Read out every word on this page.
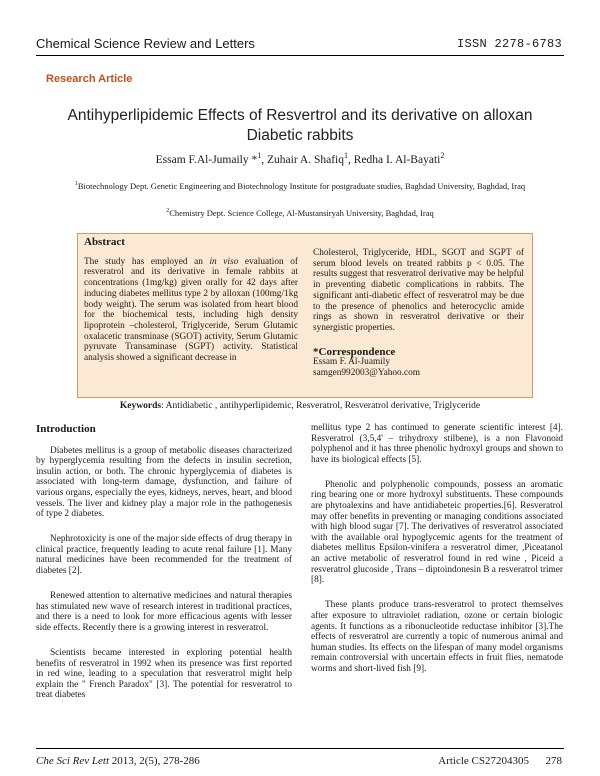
Chemical Science Review and Letters	ISSN 2278-6783
Research Article
Antihyperlipidemic Effects of Resvertrol and its derivative on alloxan Diabetic rabbits
Essam F.Al-Jumaily *$^1$, Zuhair A. Shafiq$^1$, Redha I. Al-Bayati$^2$
$^1$Biotechnology Dept. Genetic Engineering and Biotechnology Institute for postgraduate studies, Baghdad University, Baghdad, Iraq
$^2$Chemistry Dept. Science College, Al-Mustansiryah University, Baghdad, Iraq
Abstract
The study has employed an in viso evaluation of resveratrol and its derivative in female rabbits at concentrations (1mg/kg) given orally for 42 days after inducing diabetes mellitus type 2 by alloxan (100mg/1kg body weight). The serum was isolated from heart blood for the biochemical tests, including high density lipoprotein –cholesterol, Triglyceride, Serum Glutamic oxalacetic transminase (SGOT) activity, Serum Glutamic pyruvate Transaminase (SGPT) activity. Statistical analysis showed a significant decrease in
Cholesterol, Triglyceride, HDL, SGOT and SGPT of serum blood levels on treated rabbits p < 0.05. The results suggest that resveratrol derivative may be helpful in preventing diabetic complications in rabbits. The significant anti-diabetic effect of resveratrol may be due to the presence of phenolics and heterocyclic amide rings as shown in resveratrol derivative or their synergistic properties.
*Correspondence
Essam F. Al-Juamily
samgen992003@Yahoo.com
Keywords: Antidiabetic , antihyperlipidemic, Resveratrol, Resveratrol derivative, Triglyceride
Introduction

Diabetes mellitus is a group of metabolic diseases characterized by hyperglycemia resulting from the defects in insulin secretion, insulin action, or both. The chronic hyperglycemia of diabetes is associated with long-term damage, dysfunction, and failure of various organs, especially the eyes, kidneys, nerves, heart, and blood vessels. The liver and kidney play a major role in the pathogenesis of type 2 diabetes.

Nephrotoxicity is one of the major side effects of drug therapy in clinical practice, frequently leading to acute renal failure [1]. Many natural medicines have been recommended for the treatment of diabetes [2].

Renewed attention to alternative medicines and natural therapies has stimulated new wave of research interest in traditional practices, and there is a need to look for more efficacious agents with lesser side effects. Recently there is a growing interest in resveratrol.

Scientists became interested in exploring potential health benefits of resveratrol in 1992 when its presence was first reported in red wine, leading to a speculation that resveratrol might help explain the " French Paradox" [3]. The potential for resveratrol to treat diabetes

mellitus type 2 has continued to generate scientific interest [4]. Resveratrol (3,5,4' – trihydroxy stilbene), is a non Flavonoid polyphenol and it has three phenolic hydroxyl groups and shown to have its biological effects [5].

Phenolic and polyphenolic compounds, possess an aromatic ring bearing one or more hydroxyl substituents. These compounds are phytoalexins and have antidiabeteic properties.[6]. Resveratrol may offer benefits in preventing or managing conditions associated with high blood sugar [7]. The derivatives of resveratrol associated with the available oral hypoglycemic agents for the treatment of diabetes mellitus Epsilon-vinifera a resveratrol dimer, ,Piceatanol an active metabolic of resveratrol found in red wine , Piceid a resveratrol glucoside , Trans – diptoindonesin B a resveratrol trimer [8].

These plants produce trans-resveratrol to protect themselves after exposure to ultraviolet radiation, ozone or certain biologic agents. It functions as a ribonucleotide reductase inhibitor [3].The effects of resveratrol are currently a topic of numerous animal and human studies. Its effects on the lifespan of many model organisms remain controversial with uncertain effects in fruit flies, nematode worms and short-lived fish [9].

Che Sci Rev Lett 2013, 2(5), 278-286	Article CS27204305 278
